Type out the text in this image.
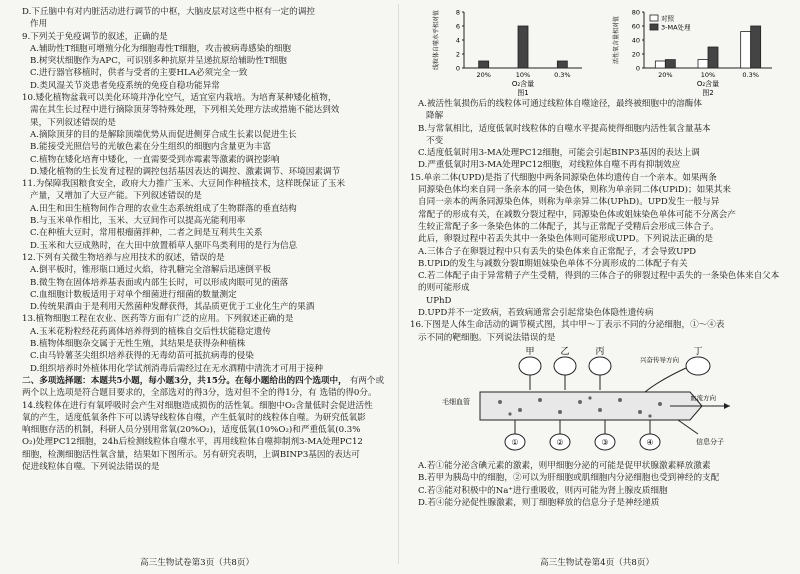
D.下丘脑中有对内脏活动进行调节的中枢，大脑皮层对这些中枢有一定的调控
作用

9.下列关于免疫调节的叙述，正确的是
A.辅助性T细胞可增殖分化为细胞毒性T细胞，攻击被病毒感染的细胞
B.树突状细胞作为APC，可识别多种抗原并呈递抗原给辅助性T细胞
C.进行器官移植时，供者与受者的主要HLA必须完全一致
D.类风湿关节炎患者免疫系统的免疫自稳功能异常

10.矮化植物盆栽可以美化环境并净化空气，适宜室内栽培。为培育某种矮化植物，
需在其生长过程中进行摘除顶芽等特殊处理，下列相关处理方法或措施不能达到效
果，下列叙述错误的是
A.摘除顶芽的目的是解除顶端优势从而促进侧芽合成生长素以促进生长
B.能接受光照信号的光敏色素在分生组织的细胞内含量更为丰富
C.植物在矮化培育中矮化，一直需要受到赤霉素等激素的调控影响
D.矮化植物的生长发育过程的调控包括基因表达的调控、激素调节、环境因素调节

11.为保障我国粮食安全，政府大力推广玉米、大豆间作种植技术，这样既保证了玉米
产量，又增加了大豆产能。下列叙述错误的是
A.田生和田生植物间作合理的农业生态系统组成了生物群落的垂直结构
B.与玉米单作相比，玉米、大豆间作可以提高光能利用率
C.在种植大豆时，常用根瘤菌拌种，二者之间是互利共生关系
D.玉米和大豆成熟时，在大田中放置稻草人驱吓鸟类利用的是行为信息

12.下列有关微生物培养与应用技术的叙述，错误的是
A.倒平板时，锥形瓶口通过火焰，待乳糖完全溶解后迅速倒平板
B.微生物在固体培养基表面或内部生长时，可以形成肉眼可见的菌落
C.血细胞计数板适用于对单个细菌进行细菌的数量测定
D.传统果酒由于是利用天然菌种发酵获得，其品质更优于工业化生产的果酒

13.植物细胞工程在农业、医药等方面有广泛的应用。下列叙述正确的是
A.玉米花粉粒经花药离体培养得到的植株自交后性状能稳定遗传
B.植物体细胞杂交属于无性生殖，其结果是获得杂种植株
C.由马铃薯茎尖组织培养获得的无毒幼苗可抵抗病毒的侵染
D.组织培养时外植体用化学试剂消毒后需经过在无水酒精中清洗才可用于接种

二、多项选择题：本题共5小题，每小题3分，共15分。在每小题给出的四个选项中， 有两个或两个以上选项是符合题目要求的，全部选对的得3分，选对但不全的得1分，有 选错的得0分。

14.线粒体在进行有氧呼吸时会产生对细胞造成损伤的活性氧。细胞中O₂含量低时会促进活性
氧的产生，适度低氧条件下可以诱导线粒体自噬，产生低氧时的线粒体自噬。为研究低氧影
响细胞存活的机制，科研人员分别用常氧(20%O₂)，适度低氧(10%O₂)和严重低氧(0.3%
O₂)处理PC12细胞，24h后检测线粒体自噬水平，再用线粒体自噬抑制剂3-MA处理PC12
细胞，检测细胞活性氧含量，结果如下图所示。另有研究表明，上调BINP3基因的表达可
促进线粒体自噬。下列说法错误的是

0
2
4
6
8
线粒体自噬水平相对值
20%	10%	0.3%
O₂含量
图1
0
20
40
60
80
活性氧含量相对值
20%	10%	0.3%
O₂含量
图2
对照
3-MA处理

A.被活性氧损伤后的线粒体可通过线粒体自噬途径，最终被细胞中的溶酶体
降解
B.与常氧相比，适度低氧时线粒体的自噬水平提高使得细胞内活性氧含量基本
不变
C.适度低氧时用3-MA处理PC12细胞，可能会引起BINP3基因的表达上调
D.严重低氧时用3-MA处理PC12细胞，对线粒体自噬不再有抑制效应

15.单亲二体(UPD)是指了代细胞中两条同源染色体均遗传自一个亲本。如果两条
同源染色体均来自同一条亲本的同一染色体，则称为单亲同二体(UPiD)；如果其来
自同一亲本的两条同源染色体，则称为单亲异二体(UPhD)。UPD发生一般与异
常配子的形成有关，在减数分裂过程中，同源染色体或姐妹染色单体可能不分离会产
生较正常配子多一条染色体的二体配子，其与正常配子受精后会形成三体合子。
此后，卵裂过程中若丢失其中一条染色体则可能形成UPD。下列说法正确的是
A.三体合子在卵裂过程中只有丢失的染色体来自正常配子，才会导致UPD
B.UPiD的发生与减数分裂Ⅱ期姐妹染色单体不分离形成的二体配子有关
C.若二体配子由于异常精子产生受精，得到的三体合子的卵裂过程中丢失的一条染色体来自父本的则可能形成
UPhD
D.UPD并不一定致病，若致病通常会引起常染色体隐性遗传病

16.下图是人体生命活动的调节模式图，其中甲～丁表示不同的分泌细胞，①～④表
示不同的靶细胞。下列说法错误的是

甲	乙	丙	丁
兴奋传导方向
毛细血管	血流方向
①	②	③	④	信息分子

A.若①能分泌含碘元素的激素，则甲细胞分泌的可能是促甲状腺激素释放激素
B.若甲为胰岛中的细胞，②可以为肝细胞或肌细胞内分泌细胞也受到神经的支配
C.若③能对积极中的Na⁺进行重吸收，则丙可能为肾上腺皮质细胞
D.若④能分泌促性腺激素，则丁细胞释放的信息分子是神经递质

高三生物试卷第3页（共8页）	高三生物试卷第4页（共8页）
